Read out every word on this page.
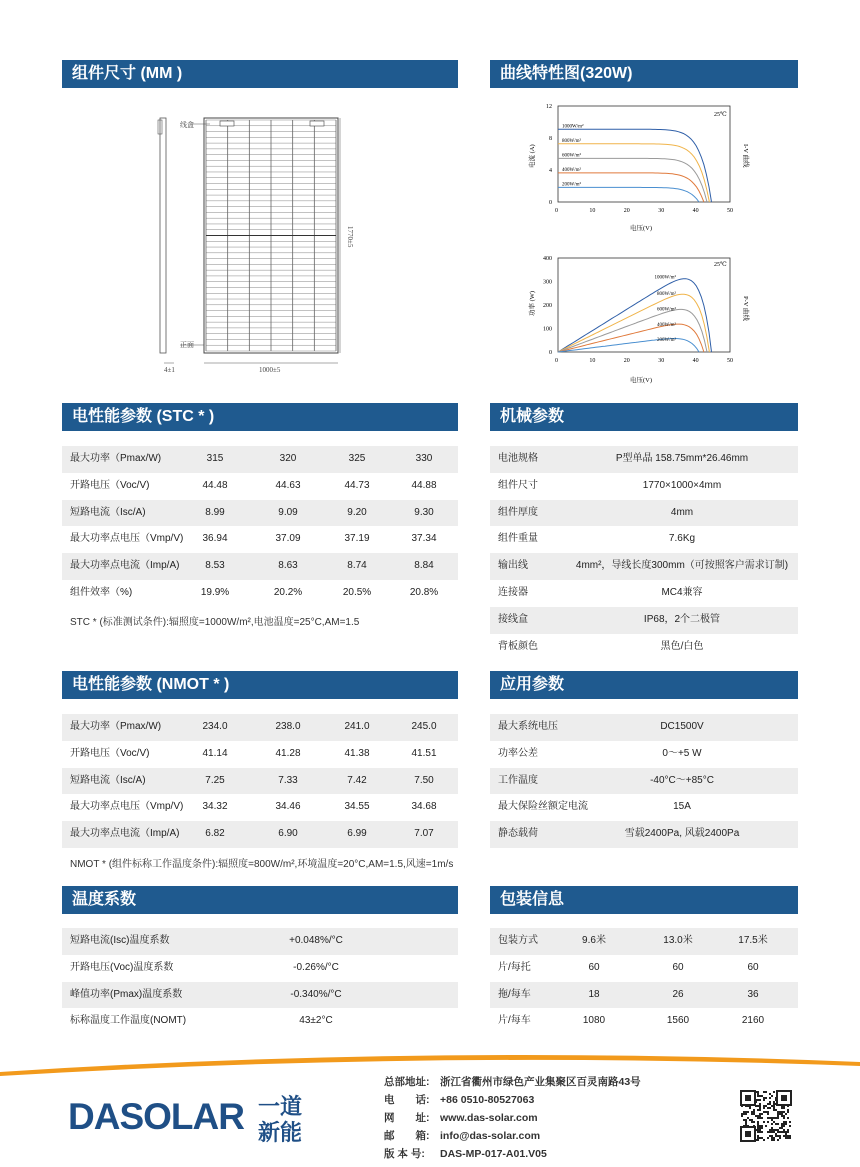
组件尺寸 (MM )	曲线特性图(320W)
线盒
正面
1000±5
1770±5
4±1
1000W/m²
800W/m²
600W/m²
400W/m²
200W/m²
0	10	20	30	40	50
0
4
8
12
25℃
电流 (A)
电压(V)
I-V 曲线
1000W/m²
800W/m²
600W/m²
400W/m²
200W/m²
0	10	20	30	40	50
0
100
200
300
400
25℃
功率 (W)
电压(V)
P-V 曲线
电性能参数 (STC * )
最大功率（Pmax/W)	315	320	325	330
开路电压（Voc/V)	44.48	44.63	44.73	44.88
短路电流（Isc/A)	8.99	9.09	9.20	9.30
最大功率点电压（Vmp/V) 36.94	37.09	37.19	37.34
最大功率点电流（Imp/A)	8.53	8.63	8.74	8.84
组件效率（%)	19.9%	20.2%	20.5%	20.8%
STC * (标准测试条件):辐照度=1000W/m²,电池温度=25°C,AM=1.5
机械参数
电池规格	P型单晶 158.75mm*26.46mm
组件尺寸	1770×1000×4mm
组件厚度	4mm
组件重量	7.6Kg
输出线	4mm²，导线长度300mm（可按照客户需求订制)
连接器	MC4兼容
接线盒	IP68，2个二极管
背板颜色	黑色/白色
电性能参数 (NMOT * )
最大功率（Pmax/W)	234.0	238.0	241.0	245.0
开路电压（Voc/V)	41.14	41.28	41.38	41.51
短路电流（Isc/A)	7.25	7.33	7.42	7.50
最大功率点电压（Vmp/V) 34.32	34.46	34.55	34.68
最大功率点电流（Imp/A)	6.82	6.90	6.99	7.07
NMOT * (组件标称工作温度条件):辐照度=800W/m²,环境温度=20°C,AM=1.5,风速=1m/s
应用参数
最大系统电压	DC1500V
功率公差	0～+5 W
工作温度	-40°C～+85°C
最大保险丝额定电流	15A
静态载荷	雪载2400Pa, 风载2400Pa
温度系数
短路电流(Isc)温度系数	+0.048%/°C
开路电压(Voc)温度系数	-0.26%/°C
峰值功率(Pmax)温度系数	-0.340%/°C
标称温度工作温度(NOMT)	43±2°C
包装信息
包装方式	9.6米	13.0米	17.5米
片/每托	60	60	60
拖/每车	18	26	36
片/每车	1080	1560	2160
DASOLAR 一道
新能
总部地址: 浙江省衢州市绿色产业集聚区百灵南路43号
电　　话: +86 0510-80527063
网　　址: www.das-solar.com
邮　　箱: info@das-solar.com
版 本 号: DAS-MP-017-A01.V05
